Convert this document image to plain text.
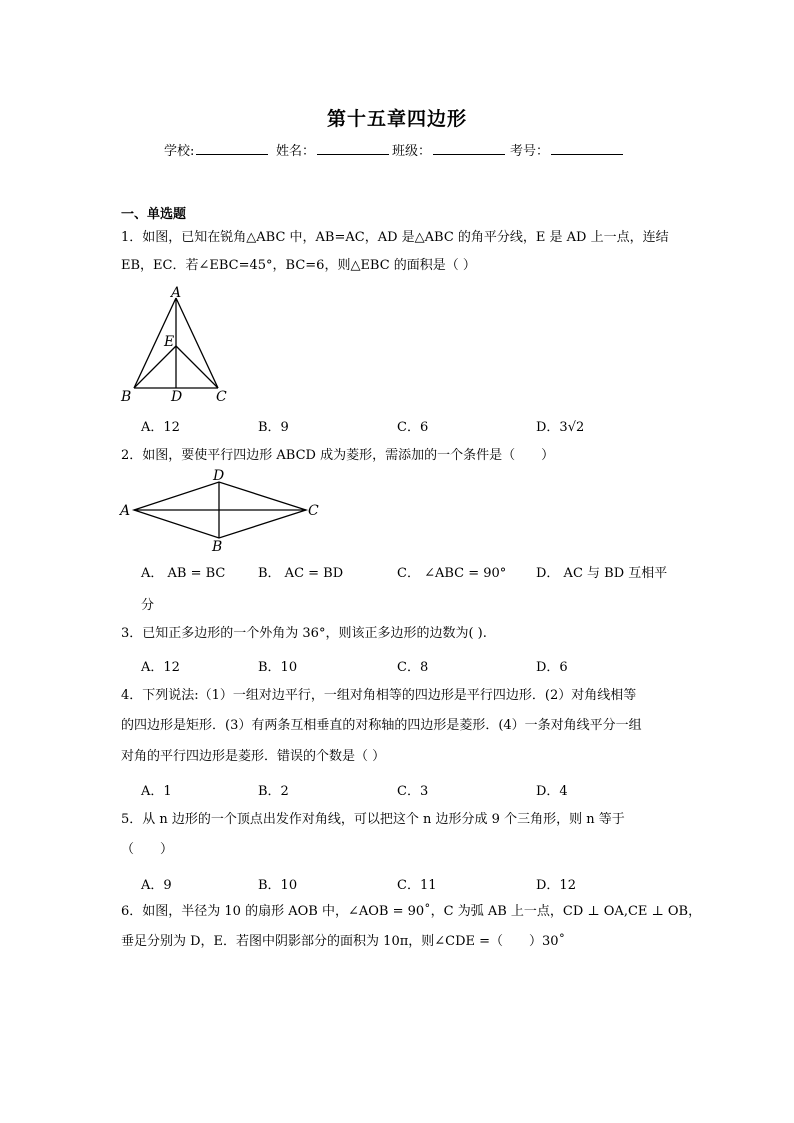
第十五章四边形
学校:	姓名：	班级：	考号：
一、单选题
1．如图，已知在锐角△ABC 中，AB=AC，AD 是△ABC 的角平分线，E 是 AD 上一点，连结
EB，EC．若∠EBC=45°，BC=6，则△EBC 的面积是（ ）
A
E
B	D C
A．12	B．9	C．6	D．3√2
2．如图，要使平行四边形 ABCD 成为菱形，需添加的一个条件是（　　）
D
A	C
B
A． AB = BC	B． AC = BD	C． ∠ABC = 90° D． AC 与 BD 互相平
分
3．已知正多边形的一个外角为 36°，则该正多边形的边数为( ).
A．12	B．10	C．8	D．6
4．下列说法:（1）一组对边平行，一组对角相等的四边形是平行四边形．(2）对角线相等
的四边形是矩形．(3）有两条互相垂直的对称轴的四边形是菱形．(4）一条对角线平分一组
对角的平行四边形是菱形．错误的个数是（ ）
A．1	B．2	C．3	D．4
5．从 n 边形的一个顶点出发作对角线，可以把这个 n 边形分成 9 个三角形，则 n 等于
（　　）
A．9	B．10	C．11	D．12
6．如图，半径为 10 的扇形 AOB 中，∠AOB = 90˚，C 为弧 AB 上一点，CD ⊥ OA,CE ⊥ OB，
垂足分别为 D，E．若图中阴影部分的面积为 10π，则∠CDE =（　　）30˚
